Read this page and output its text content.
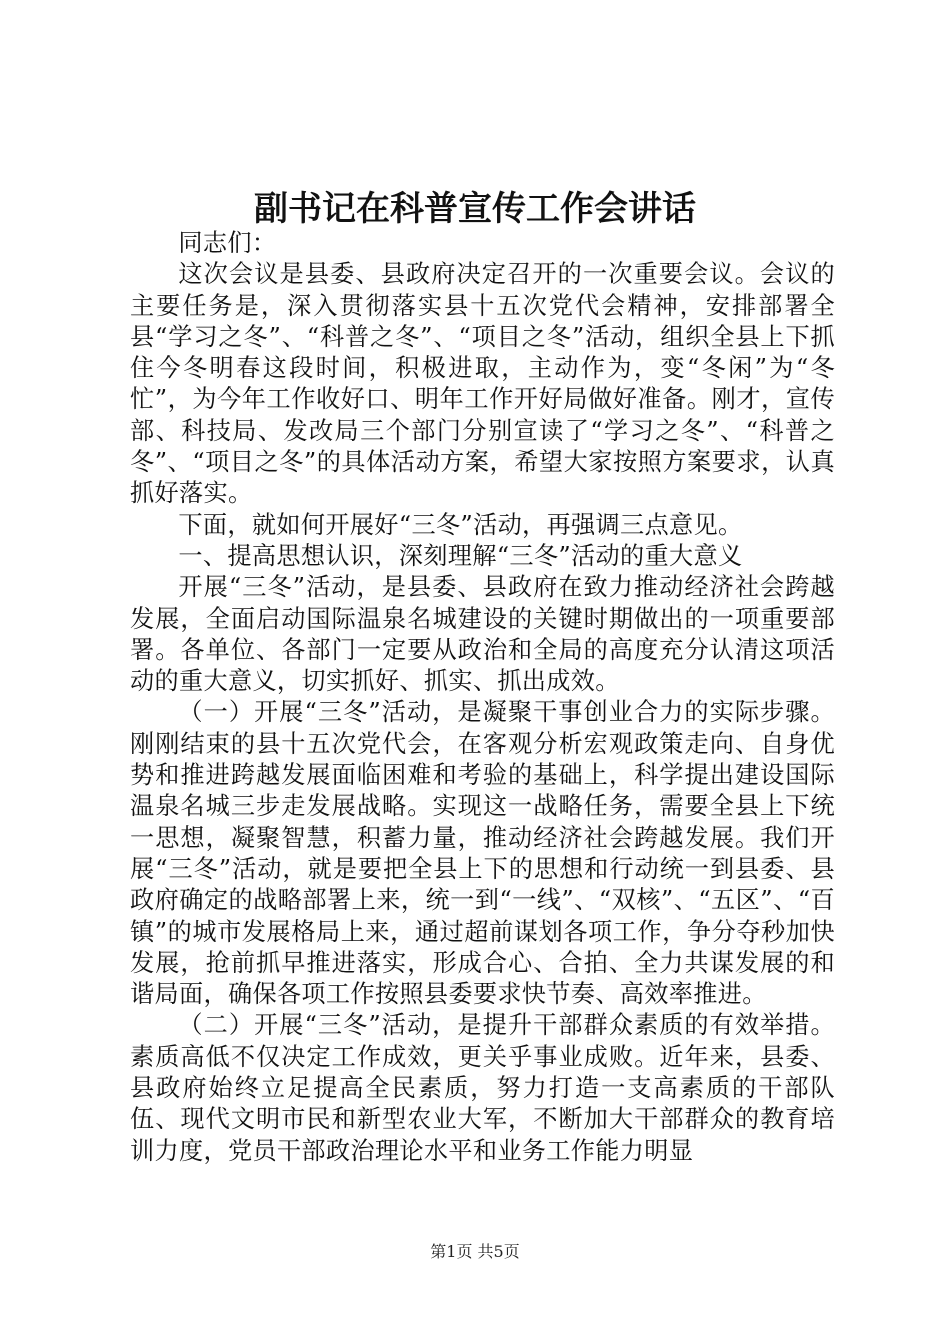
副书记在科普宣传工作会讲话

同志们：

这次会议是县委、县政府决定召开的一次重要会议。会议的主要任务是，深入贯彻落实县十五次党代会精神，安排部署全县“学习之冬”、“科普之冬”、“项目之冬”活动，组织全县上下抓住今冬明春这段时间，积极进取，主动作为，变“冬闲”为“冬忙”，为今年工作收好口、明年工作开好局做好准备。刚才，宣传部、科技局、发改局三个部门分别宣读了“学习之冬”、“科普之冬”、“项目之冬”的具体活动方案，希望大家按照方案要求，认真抓好落实。

下面，就如何开展好“三冬”活动，再强调三点意见。

一、提高思想认识，深刻理解“三冬”活动的重大意义

开展“三冬”活动，是县委、县政府在致力推动经济社会跨越发展，全面启动国际温泉名城建设的关键时期做出的一项重要部署。各单位、各部门一定要从政治和全局的高度充分认清这项活动的重大意义，切实抓好、抓实、抓出成效。

（一）开展“三冬”活动，是凝聚干事创业合力的实际步骤。刚刚结束的县十五次党代会，在客观分析宏观政策走向、自身优势和推进跨越发展面临困难和考验的基础上，科学提出建设国际温泉名城三步走发展战略。实现这一战略任务，需要全县上下统一思想，凝聚智慧，积蓄力量，推动经济社会跨越发展。我们开展“三冬”活动，就是要把全县上下的思想和行动统一到县委、县政府确定的战略部署上来，统一到“一线”、“双核”、“五区”、“百镇”的城市发展格局上来，通过超前谋划各项工作，争分夺秒加快发展，抢前抓早推进落实，形成合心、合拍、全力共谋发展的和谐局面，确保各项工作按照县委要求快节奏、高效率推进。

（二）开展“三冬”活动，是提升干部群众素质的有效举措。素质高低不仅决定工作成效，更关乎事业成败。近年来，县委、县政府始终立足提高全民素质，努力打造一支高素质的干部队伍、现代文明市民和新型农业大军，不断加大干部群众的教育培训力度，党员干部政治理论水平和业务工作能力明显

第1页 共5页
